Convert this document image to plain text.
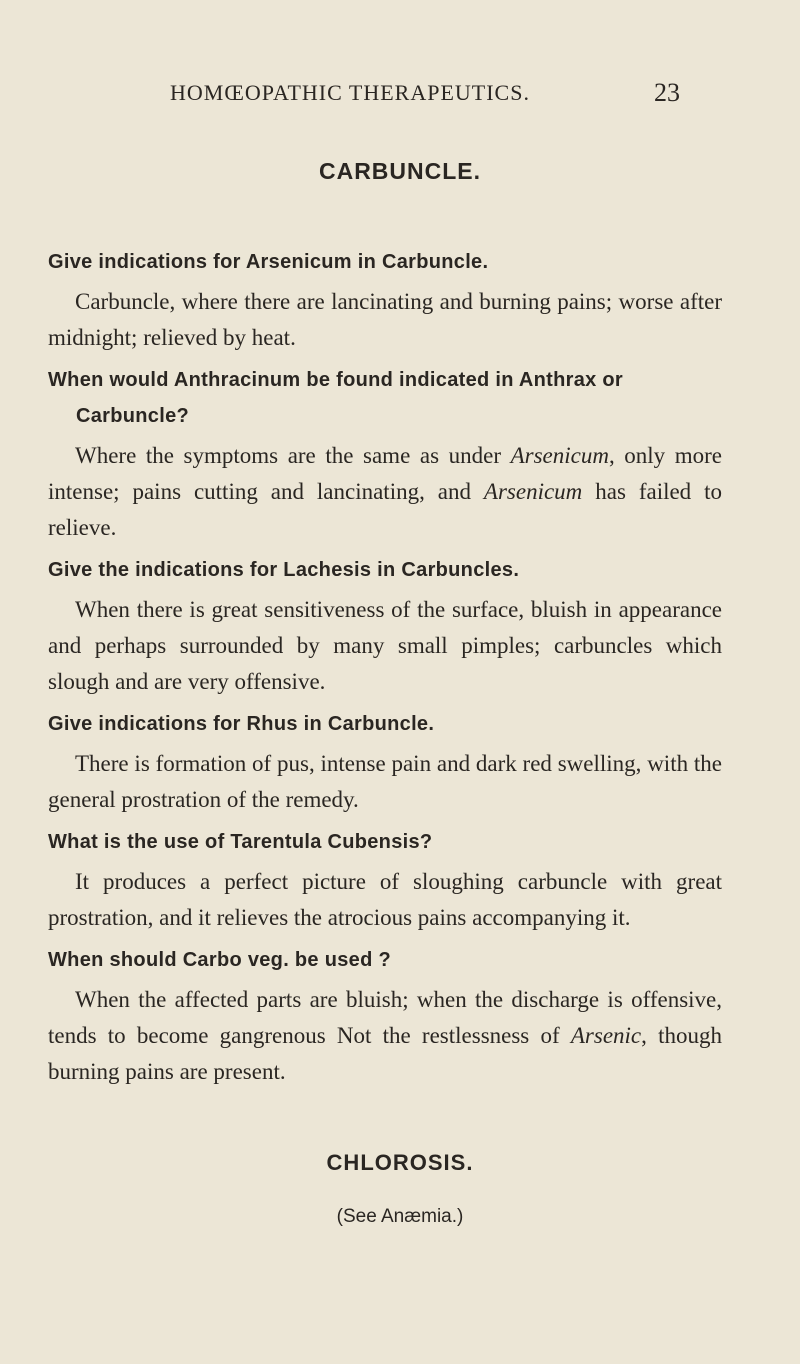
HOMŒOPATHIC THERAPEUTICS.	23
CARBUNCLE.

Give indications for Arsenicum in Carbuncle.

Carbuncle, where there are lancinating and burning pains; worse after midnight; relieved by heat.

When would Anthracinum be found indicated in Anthrax or Carbuncle?

Where the symptoms are the same as under Arsenicum, only more intense; pains cutting and lancinating, and Arsenicum has failed to relieve.

Give the indications for Lachesis in Carbuncles.

When there is great sensitiveness of the surface, bluish in appearance and perhaps surrounded by many small pimples; carbuncles which slough and are very offensive.

Give indications for Rhus in Carbuncle.

There is formation of pus, intense pain and dark red swelling, with the general prostration of the remedy.

What is the use of Tarentula Cubensis?

It produces a perfect picture of sloughing carbuncle with great prostration, and it relieves the atrocious pains accompanying it.

When should Carbo veg. be used ?

When the affected parts are bluish; when the discharge is offensive, tends to become gangrenous Not the restlessness of Arsenic, though burning pains are present.

CHLOROSIS.
(See Anæmia.)
